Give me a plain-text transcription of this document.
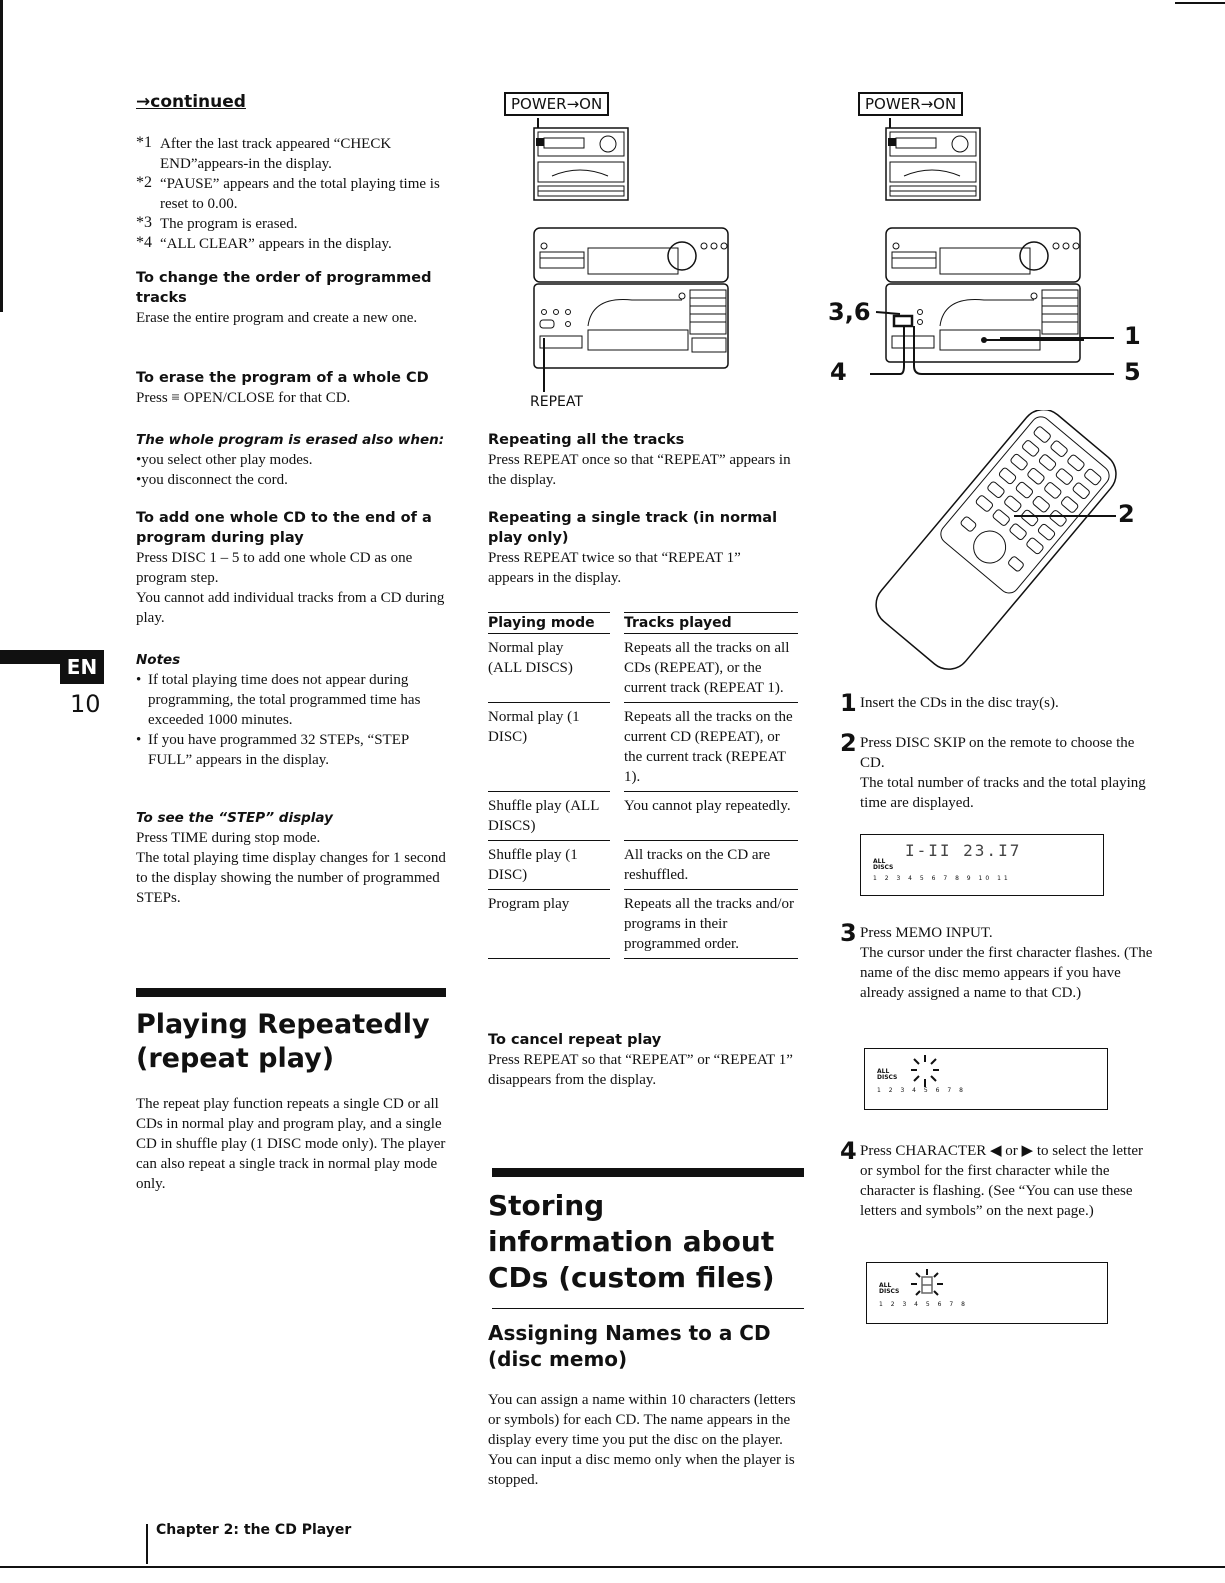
EN
10
→continued
*1 After the last track appeared “CHECK END”appears-in the display.

*2 “PAUSE” appears and the total playing time is reset to 0.00.

*3 The program is erased.

*4 “ALL CLEAR” appears in the display.

To change the order of programmed tracks

Erase the entire program and create a new one.

To erase the program of a whole CD

Press ≡ OPEN/CLOSE for that CD.

The whole program is erased also when:
• you select other play modes.
• you disconnect the cord.
To add one whole CD to the end of a program during play

Press DISC 1 – 5 to add one whole CD as one program step.

You cannot add individual tracks from a CD during play.

Notes
• If total playing time does not appear during programming, the total programmed time has exceeded 1000 minutes.
• If you have programmed 32 STEPs, “STEP FULL” appears in the display.
To see the “STEP” display

Press TIME during stop mode.

The total playing time display changes for 1 second to the display showing the number of programmed STEPs.

Playing Repeatedly (repeat play)

The repeat play function repeats a single CD or all CDs in normal play and program play, and a single CD in shuffle play (1 DISC mode only). The player can also repeat a single track in normal play mode only.

POWER→ON
REPEAT
Repeating all the tracks

Press REPEAT once so that “REPEAT” appears in the display.

Repeating a single track (in normal play only)

Press REPEAT twice so that “REPEAT 1” appears in the display.

Playing mode		Tracks played
Normal play (ALL DISCS)		Repeats all the tracks on all CDs (REPEAT), or the current track (REPEAT 1).
Normal play (1 DISC)		Repeats all the tracks on the current CD (REPEAT), or the current track (REPEAT 1).
Shuffle play (ALL DISCS)		You cannot play repeatedly.
Shuffle play (1 DISC)		All tracks on the CD are reshuffled.
Program play		Repeats all the tracks and/or programs in their programmed order.
To cancel repeat play

Press REPEAT so that “REPEAT” or “REPEAT 1” disappears from the display.

Storing information about CDs (custom files)
Assigning Names to a CD (disc memo)

You can assign a name within 10 characters (letters or symbols) for each CD. The name appears in the display every time you put the disc on the player. You can input a disc memo only when the player is stopped.

POWER→ON
3,6
1
4	5
2
1 Insert the CDs in the disc tray(s).

2 Press DISC SKIP on the remote to choose the CD.

The total number of tracks and the total playing time are displayed.

ALL DISCS
I-II 23.I7
1 2 3 4 5 6 7 8 9 10 11
3 Press MEMO INPUT.

The cursor under the first character flashes. (The name of the disc memo appears if you have already assigned a name to that CD.)

ALL DISCS
1 2 3 4 5 6 7 8
4 Press CHARACTER ◀ or ▶ to select the letter or symbol for the first character while the character is flashing. (See “You can use these letters and symbols” on the next page.)

ALL DISCS
1 2 3 4 5 6 7 8
Chapter 2: the CD Player
